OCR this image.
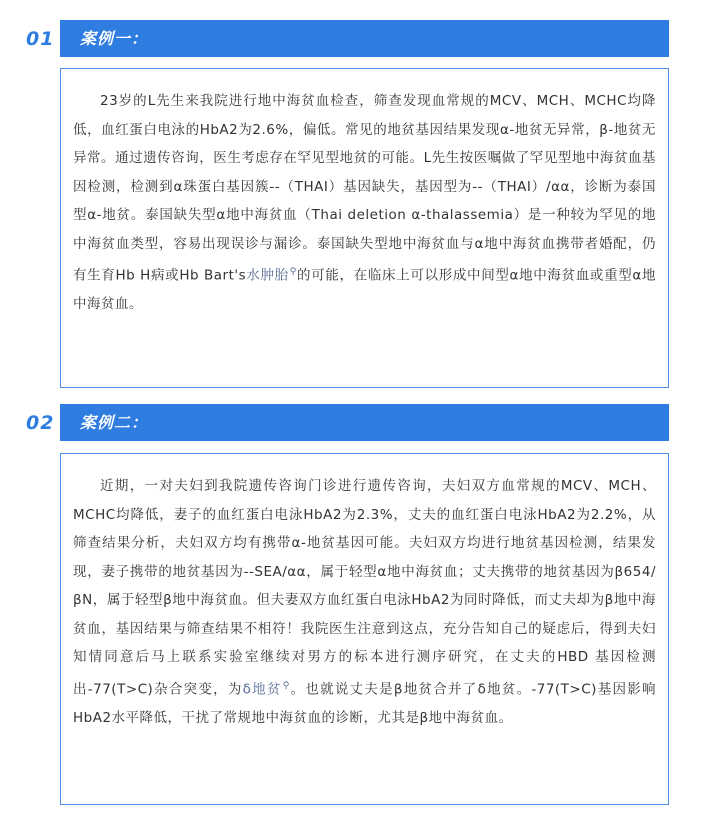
01	案例一：

23岁的L先生来我院进行地中海贫血检查，筛查发现血常规的MCV、MCH、MCHC均降低，血红蛋白电泳的HbA2为2.6%，偏低。常见的地贫基因结果发现α-地贫无异常，β-地贫无异常。通过遗传咨询，医生考虑存在罕见型地贫的可能。L先生按医嘱做了罕见型地中海贫血基因检测，检测到α珠蛋白基因簇--（THAI）基因缺失，基因型为--（THAI）/αα，诊断为泰国型α-地贫。泰国缺失型α地中海贫血（Thai deletion α-thalassemia）是一种较为罕见的地中海贫血类型，容易出现误诊与漏诊。泰国缺失型地中海贫血与α地中海贫血携带者婚配，仍有生育Hb H病或Hb Bart's水肿胎⚲的可能，在临床上可以形成中间型α地中海贫血或重型α地中海贫血。

02	案例二：

近期，一对夫妇到我院遗传咨询门诊进行遗传咨询，夫妇双方血常规的MCV、MCH、MCHC均降低，妻子的血红蛋白电泳HbA2为2.3%，丈夫的血红蛋白电泳HbA2为2.2%，从筛查结果分析，夫妇双方均有携带α-地贫基因可能。夫妇双方均进行地贫基因检测，结果发现，妻子携带的地贫基因为--SEA/αα，属于轻型α地中海贫血；丈夫携带的地贫基因为β654/βN，属于轻型β地中海贫血。但夫妻双方血红蛋白电泳HbA2为同时降低，而丈夫却为β地中海贫血，基因结果与筛查结果不相符！我院医生注意到这点，充分告知自己的疑虑后，得到夫妇知情同意后马上联系实验室继续对男方的标本进行测序研究，在丈夫的HBD 基因检测出-77(T>C)杂合突变，为δ地贫⚲。也就说丈夫是β地贫合并了δ地贫。-77(T>C)基因影响HbA2水平降低，干扰了常规地中海贫血的诊断，尤其是β地中海贫血。
